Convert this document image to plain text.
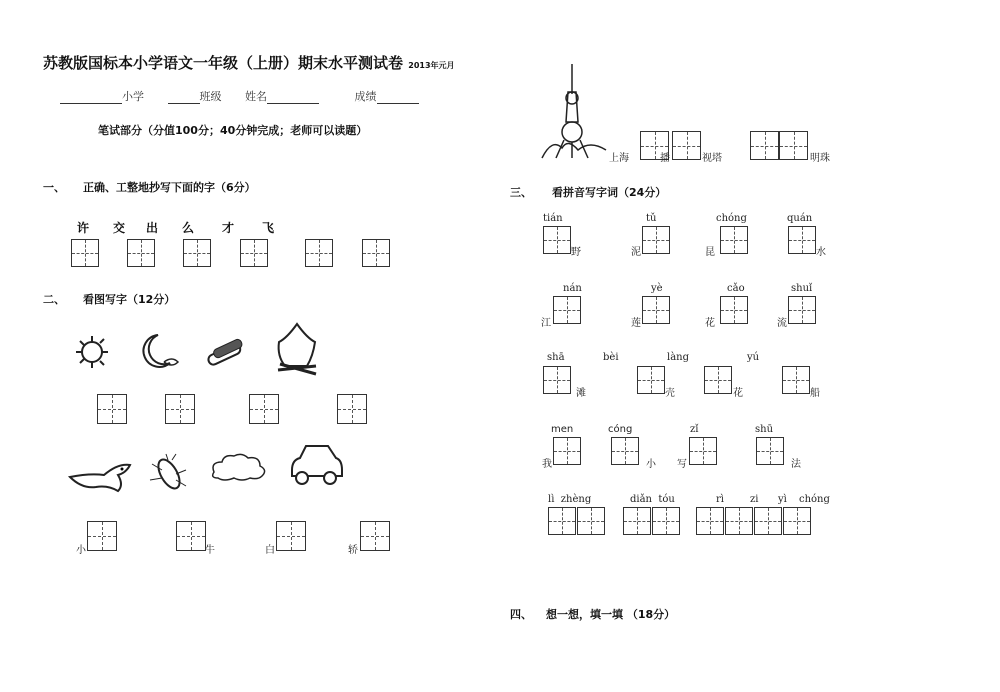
苏教版国标本小学语文一年级（上册）期末水平测试卷 2013年元月
小学	班级 姓名	成绩
笔试部分（分值100分；40分钟完成；老师可以读题）
一、 正确、工整地抄写下面的字（6分）
许 交 出 么 才 飞
二、 看图写字（12分）
小	牛	白	轿
上海	播	视塔	明珠
三、 看拼音写字词（24分）
tián	tǔ	chóng	quán
野	泥	昆	水
nán	yè	cǎo	shuǐ
江	莲	花	流
shā	bèi	làng	yú
滩	壳	花	船
men	cóng	zǐ	shū
我	小 写	法
lì  zhèng	diǎn  tóu	rì	zi yì chóng
四、 想一想，填一填 （18分）
